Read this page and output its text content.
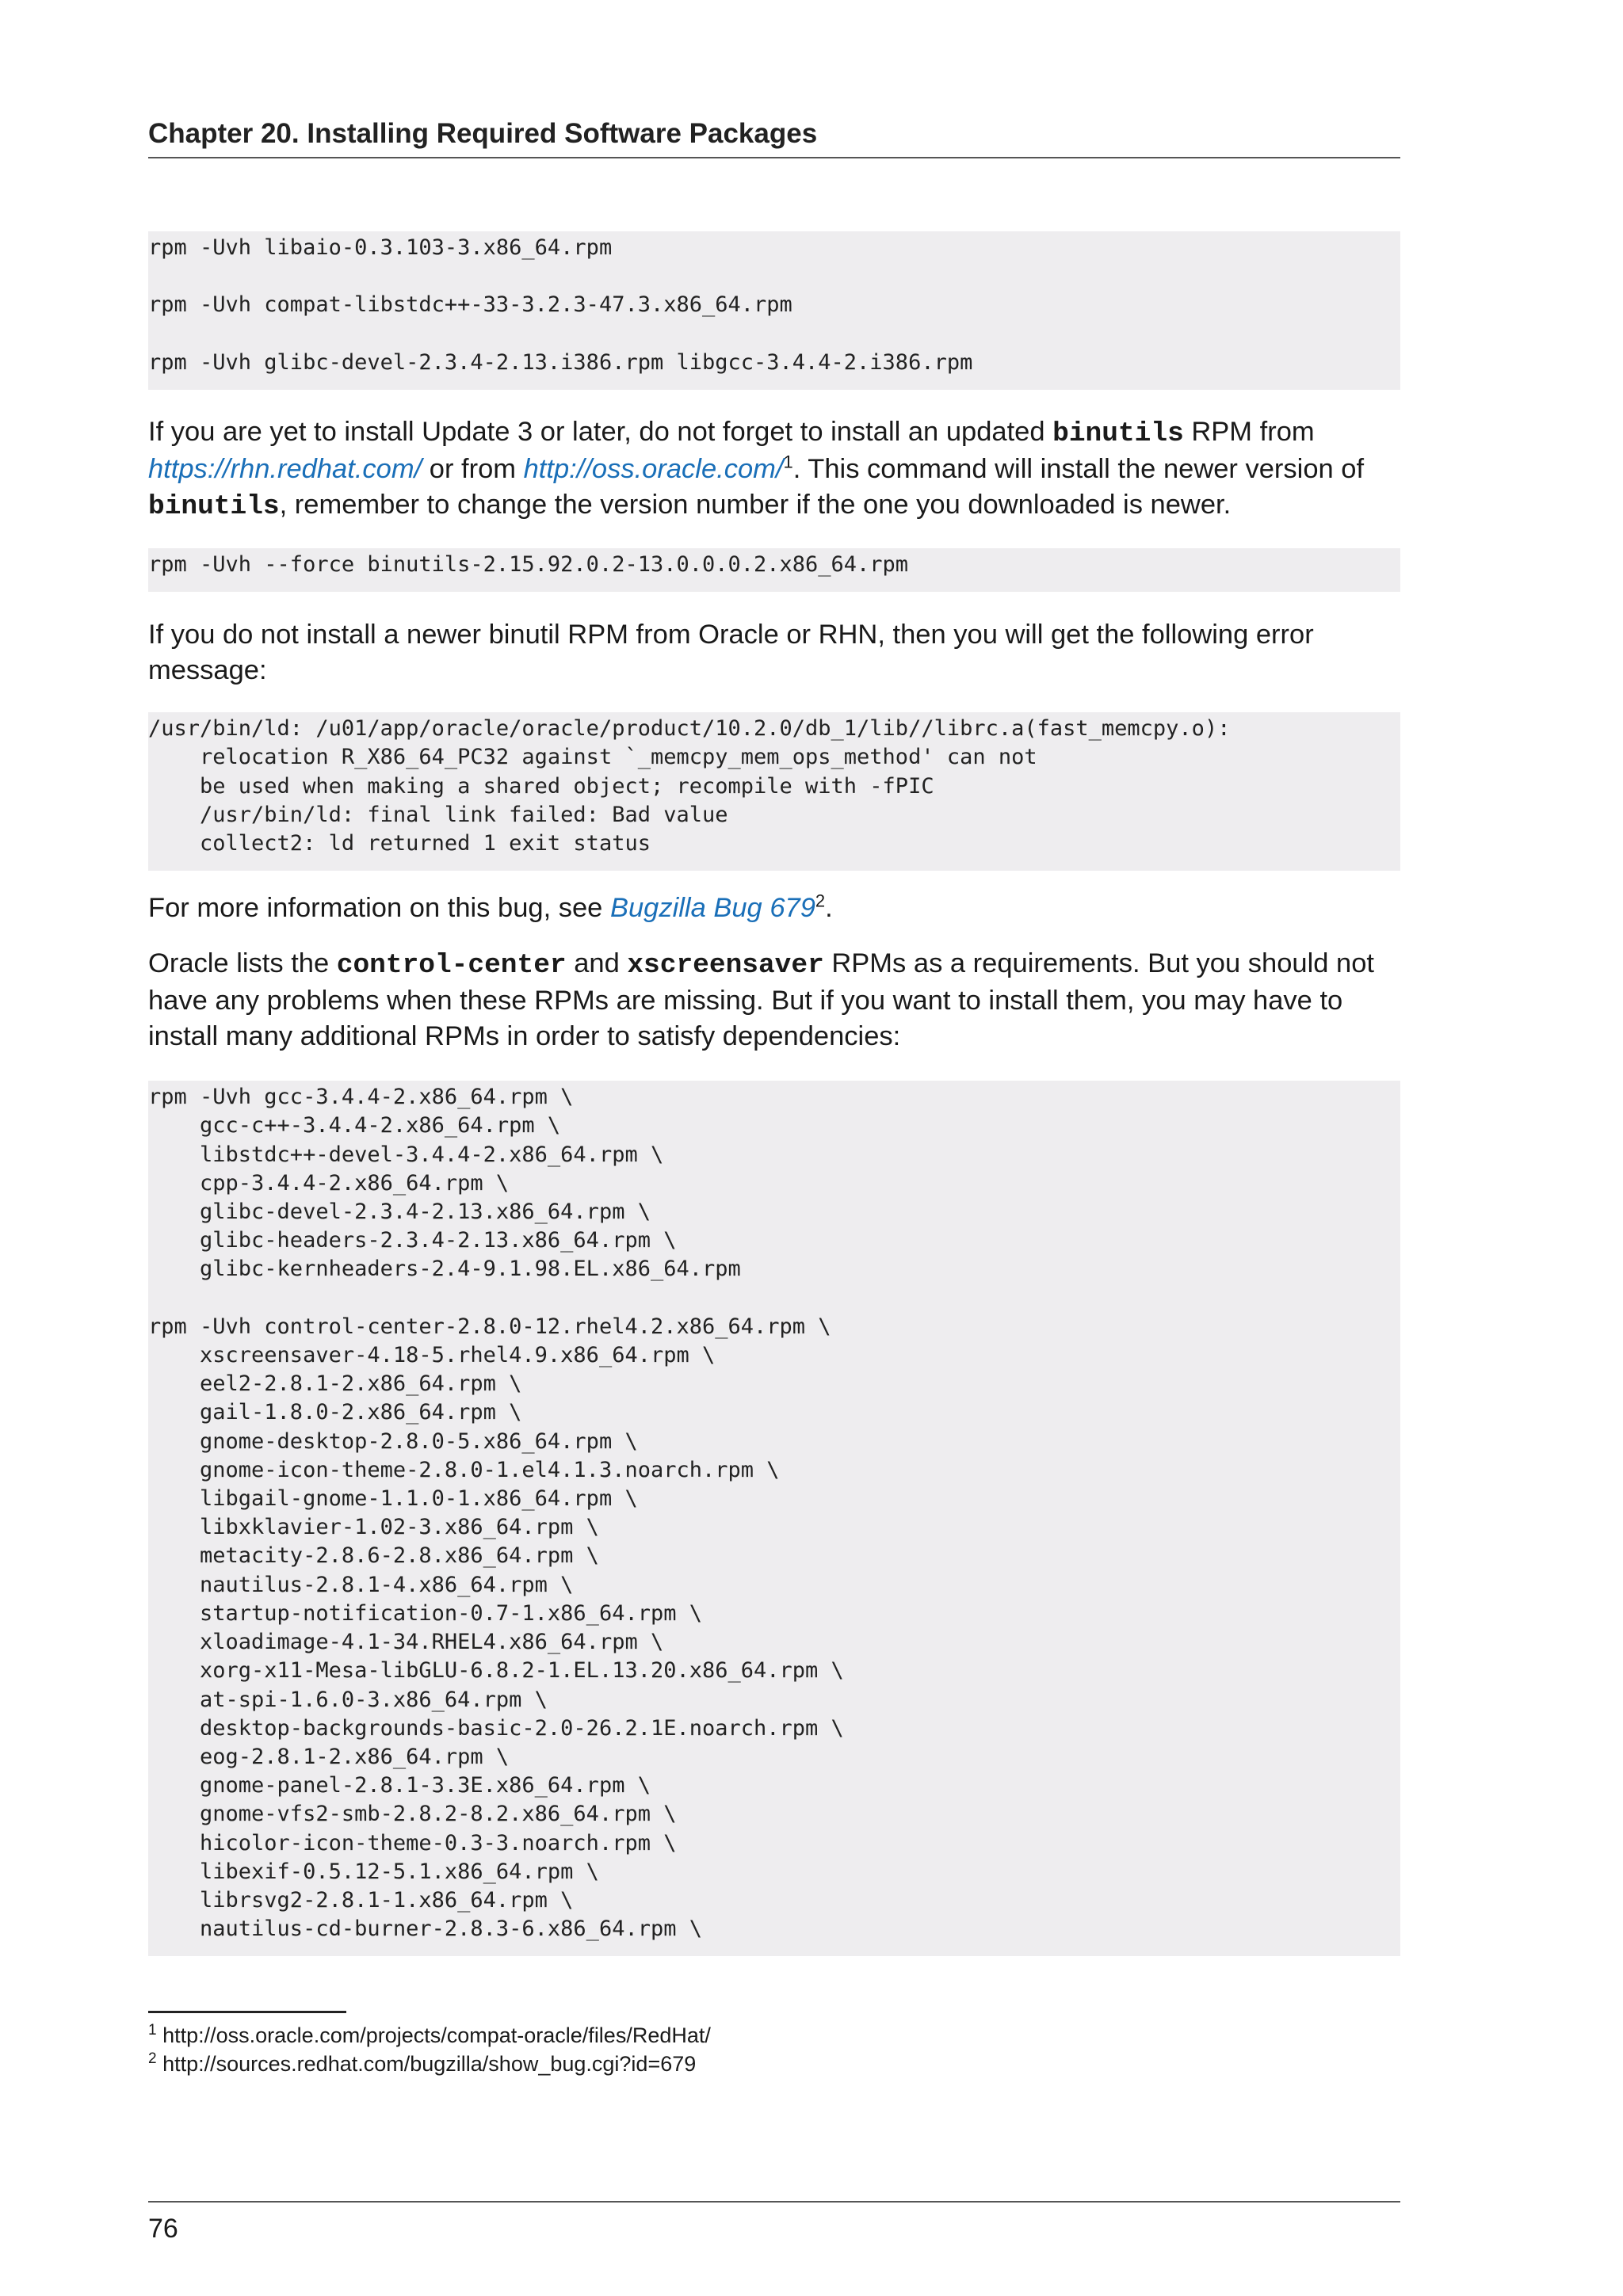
Chapter 20. Installing Required Software Packages
rpm -Uvh libaio-0.3.103-3.x86_64.rpm

rpm -Uvh compat-libstdc++-33-3.2.3-47.3.x86_64.rpm

rpm -Uvh glibc-devel-2.3.4-2.13.i386.rpm libgcc-3.4.4-2.i386.rpm

If you are yet to install Update 3 or later, do not forget to install an updated binutils RPM from https://rhn.redhat.com/ or from http://oss.oracle.com/$^1$. This command will install the newer version of binutils, remember to change the version number if the one you downloaded is newer.

rpm -Uvh --force binutils-2.15.92.0.2-13.0.0.0.2.x86_64.rpm

If you do not install a newer binutil RPM from Oracle or RHN, then you will get the following error message:

/usr/bin/ld: /u01/app/oracle/oracle/product/10.2.0/db_1/lib//librc.a(fast_memcpy.o):
relocation R_X86_64_PC32 against `_memcpy_mem_ops_method' can not
be used when making a shared object; recompile with -fPIC
/usr/bin/ld: final link failed: Bad value
collect2: ld returned 1 exit status

For more information on this bug, see Bugzilla Bug $679^2$.

Oracle lists the control-center and xscreensaver RPMs as a requirements. But you should not have any problems when these RPMs are missing. But if you want to install them, you may have to install many additional RPMs in order to satisfy dependencies:

rpm -Uvh gcc-3.4.4-2.x86_64.rpm \
gcc-c++-3.4.4-2.x86_64.rpm \
libstdc++-devel-3.4.4-2.x86_64.rpm \
cpp-3.4.4-2.x86_64.rpm \
glibc-devel-2.3.4-2.13.x86_64.rpm \
glibc-headers-2.3.4-2.13.x86_64.rpm \
glibc-kernheaders-2.4-9.1.98.EL.x86_64.rpm

rpm -Uvh control-center-2.8.0-12.rhel4.2.x86_64.rpm \
xscreensaver-4.18-5.rhel4.9.x86_64.rpm \
eel2-2.8.1-2.x86_64.rpm \
gail-1.8.0-2.x86_64.rpm \
gnome-desktop-2.8.0-5.x86_64.rpm \
gnome-icon-theme-2.8.0-1.el4.1.3.noarch.rpm \
libgail-gnome-1.1.0-1.x86_64.rpm \
libxklavier-1.02-3.x86_64.rpm \
metacity-2.8.6-2.8.x86_64.rpm \
nautilus-2.8.1-4.x86_64.rpm \
startup-notification-0.7-1.x86_64.rpm \
xloadimage-4.1-34.RHEL4.x86_64.rpm \
xorg-x11-Mesa-libGLU-6.8.2-1.EL.13.20.x86_64.rpm \
at-spi-1.6.0-3.x86_64.rpm \
desktop-backgrounds-basic-2.0-26.2.1E.noarch.rpm \
eog-2.8.1-2.x86_64.rpm \
gnome-panel-2.8.1-3.3E.x86_64.rpm \
gnome-vfs2-smb-2.8.2-8.2.x86_64.rpm \
hicolor-icon-theme-0.3-3.noarch.rpm \
libexif-0.5.12-5.1.x86_64.rpm \
librsvg2-2.8.1-1.x86_64.rpm \
nautilus-cd-burner-2.8.3-6.x86_64.rpm \
$^1$ http://oss.oracle.com/projects/compat-oracle/files/RedHat/
$^2$ http://sources.redhat.com/bugzilla/show_bug.cgi?id=679
76
